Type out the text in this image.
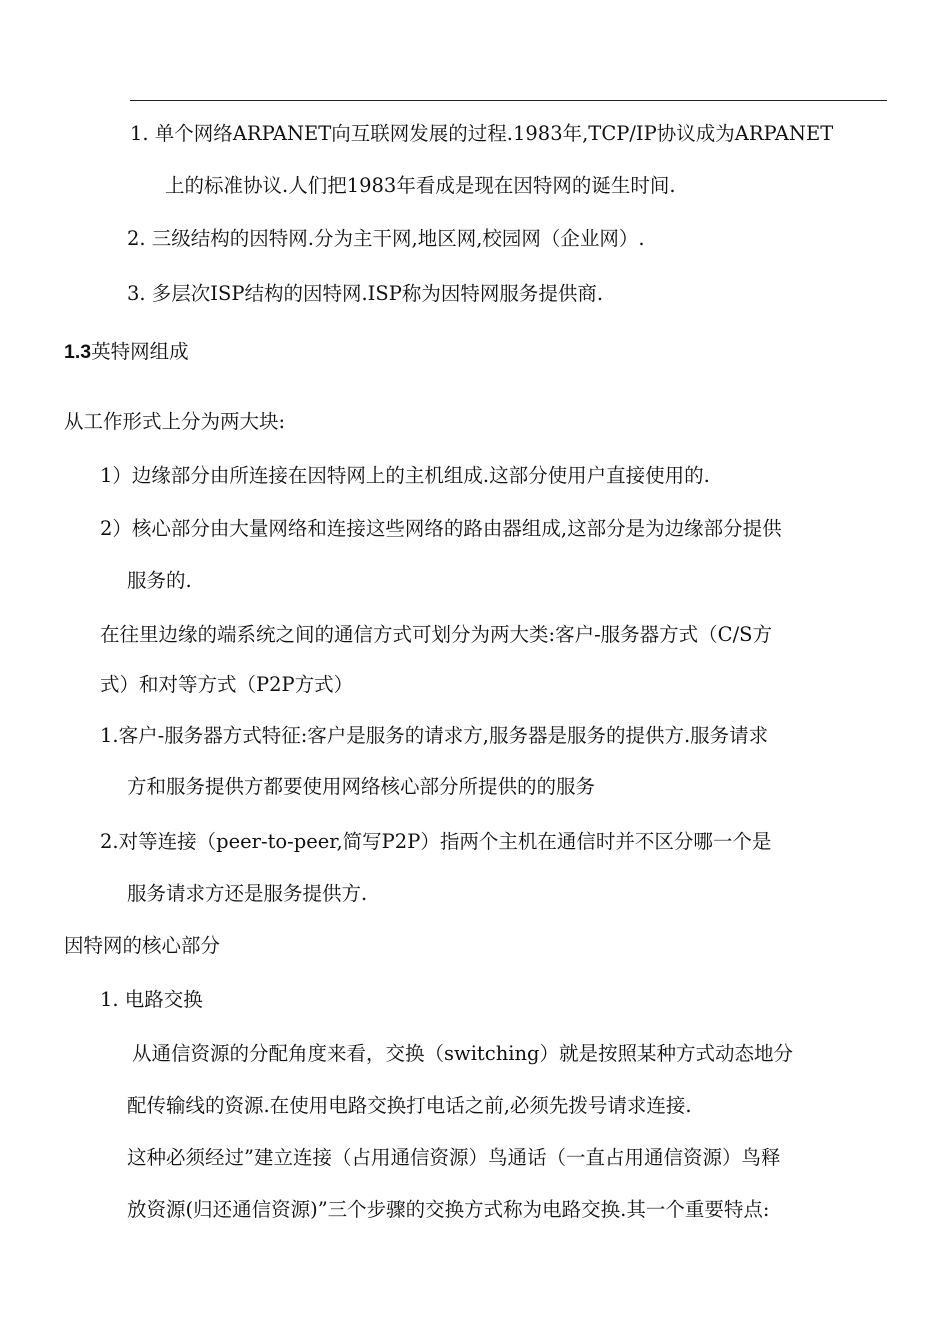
1. 单个网络ARPANET向互联网发展的过程.1983年,TCP/IP协议成为ARPANET
上的标准协议.人们把1983年看成是现在因特网的诞生时间.
2. 三级结构的因特网.分为主干网,地区网,校园网（企业网）.
3. 多层次ISP结构的因特网.ISP称为因特网服务提供商.
1.3英特网组成
从工作形式上分为两大块:
1）边缘部分由所连接在因特网上的主机组成.这部分使用户直接使用的.
2）核心部分由大量网络和连接这些网络的路由器组成,这部分是为边缘部分提供
服务的.
在往里边缘的端系统之间的通信方式可划分为两大类:客户-服务器方式（C/S方
式）和对等方式（P2P方式）
1.客户-服务器方式特征:客户是服务的请求方,服务器是服务的提供方.服务请求
方和服务提供方都要使用网络核心部分所提供的的服务
2.对等连接（peer-to-peer,简写P2P）指两个主机在通信时并不区分哪一个是
服务请求方还是服务提供方.
因特网的核心部分
1. 电路交换
从通信资源的分配角度来看，交换（switching）就是按照某种方式动态地分
配传输线的资源.在使用电路交换打电话之前,必须先拨号请求连接.
这种必须经过”建立连接（占用通信资源）鸟通话（一直占用通信资源）鸟释
放资源(归还通信资源)”三个步骤的交换方式称为电路交换.其一个重要特点:
